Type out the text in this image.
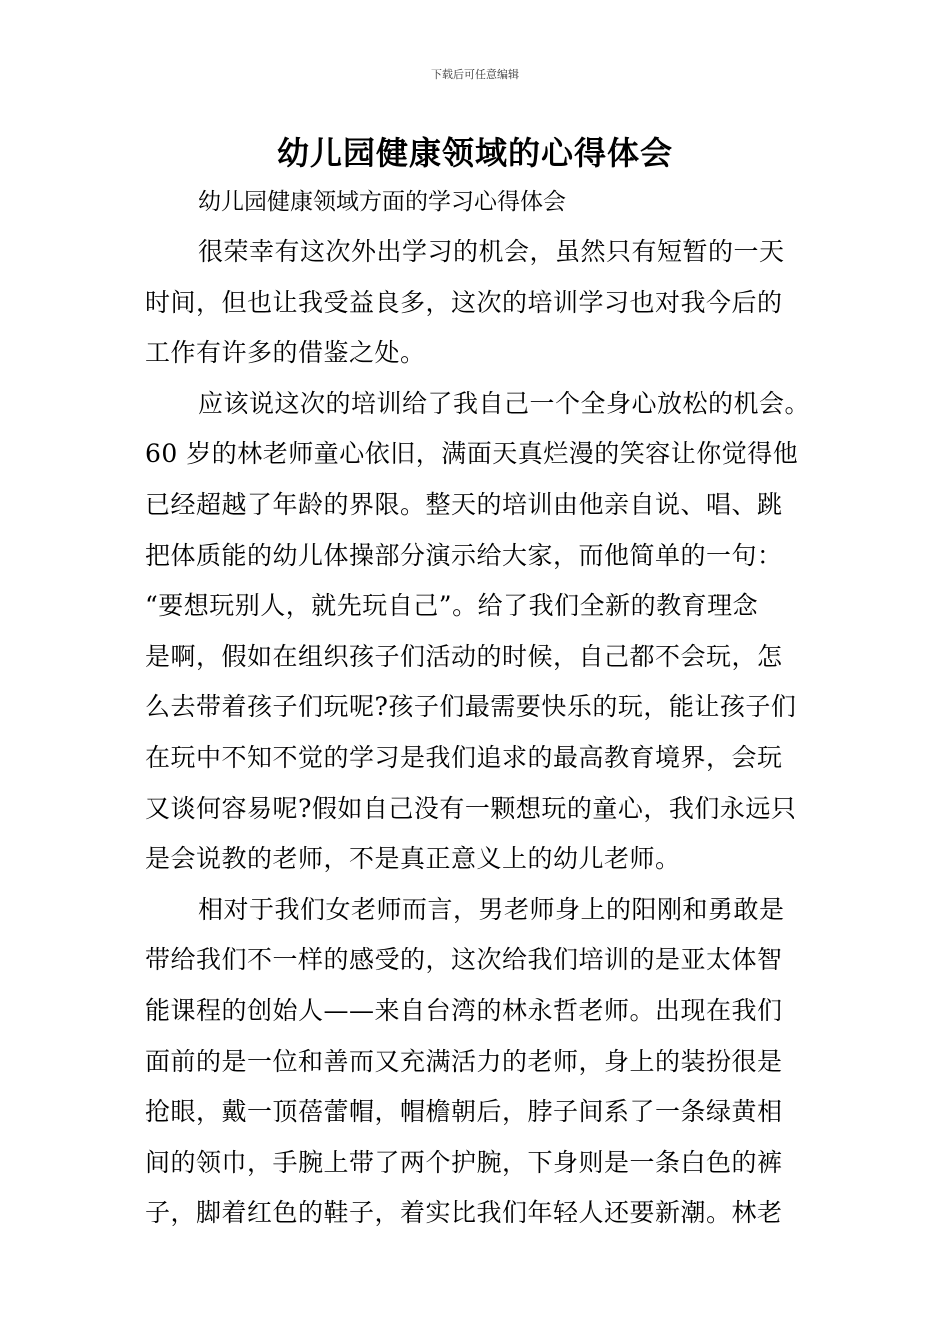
下载后可任意编辑
幼儿园健康领域的心得体会
幼儿园健康领域方面的学习心得体会
很荣幸有这次外出学习的机会，虽然只有短暂的一天
时间，但也让我受益良多，这次的培训学习也对我今后的
工作有许多的借鉴之处。
应该说这次的培训给了我自己一个全身心放松的机会。
60 岁的林老师童心依旧，满面天真烂漫的笑容让你觉得他
已经超越了年龄的界限。整天的培训由他亲自说、唱、跳
把体质能的幼儿体操部分演示给大家，而他简单的一句：
“要想玩别人，就先玩自己”。给了我们全新的教育理念
是啊，假如在组织孩子们活动的时候，自己都不会玩，怎
么去带着孩子们玩呢?孩子们最需要快乐的玩，能让孩子们
在玩中不知不觉的学习是我们追求的最高教育境界，会玩
又谈何容易呢?假如自己没有一颗想玩的童心，我们永远只
是会说教的老师，不是真正意义上的幼儿老师。
相对于我们女老师而言，男老师身上的阳刚和勇敢是
带给我们不一样的感受的，这次给我们培训的是亚太体智
能课程的创始人——来自台湾的林永哲老师。出现在我们
面前的是一位和善而又充满活力的老师，身上的装扮很是
抢眼，戴一顶蓓蕾帽，帽檐朝后，脖子间系了一条绿黄相
间的领巾，手腕上带了两个护腕，下身则是一条白色的裤
子，脚着红色的鞋子，着实比我们年轻人还要新潮。林老
